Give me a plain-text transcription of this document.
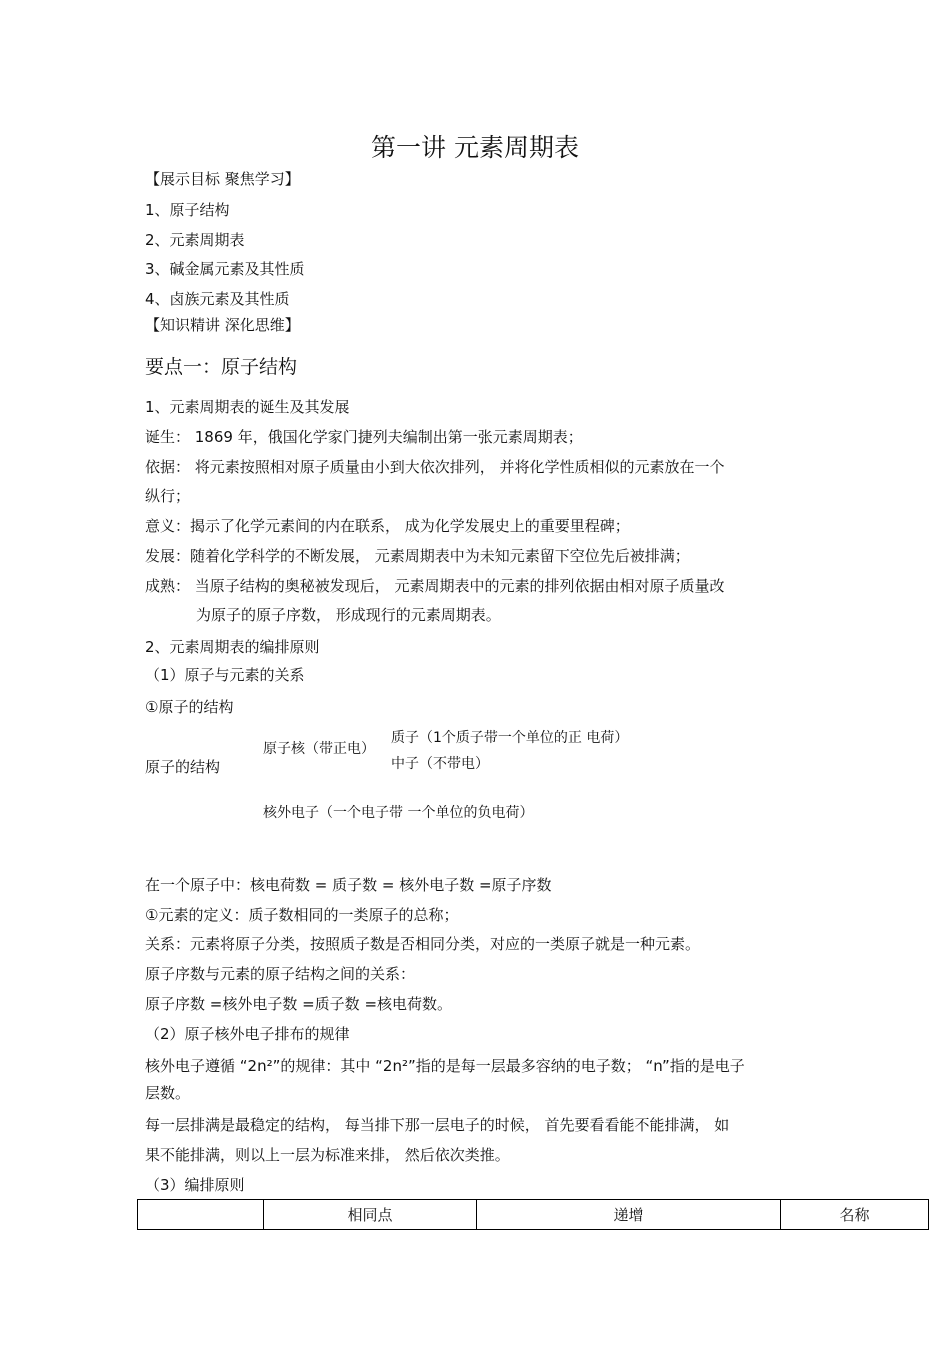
第一讲 元素周期表
【展示目标 聚焦学习】
1、原子结构
2、元素周期表
3、碱金属元素及其性质
4、卤族元素及其性质
【知识精讲 深化思维】
要点一：原子结构
1、元素周期表的诞生及其发展
诞生： 1869 年，俄国化学家门捷列夫编制出第一张元素周期表；
依据： 将元素按照相对原子质量由小到大依次排列， 并将化学性质相似的元素放在一个
纵行；
意义：揭示了化学元素间的内在联系， 成为化学发展史上的重要里程碑；
发展：随着化学科学的不断发展， 元素周期表中为未知元素留下空位先后被排满；
成熟： 当原子结构的奥秘被发现后， 元素周期表中的元素的排列依据由相对原子质量改
为原子的原子序数， 形成现行的元素周期表。
2、元素周期表的编排原则
（1）原子与元素的关系
①原子的结构
原子的结构
原子核（带正电）
质子（1个质子带一个单位的正 电荷）
中子（不带电）
核外电子（一个电子带 一个单位的负电荷）
在一个原子中：核电荷数 = 质子数 = 核外电子数 =原子序数
①元素的定义：质子数相同的一类原子的总称；
关系：元素将原子分类，按照质子数是否相同分类，对应的一类原子就是一种元素。
原子序数与元素的原子结构之间的关系：
原子序数 =核外电子数 =质子数 =核电荷数。
（2）原子核外电子排布的规律
核外电子遵循 “2n²”的规律：其中 “2n²”指的是每一层最多容纳的电子数； “n”指的是电子
层数。
每一层排满是最稳定的结构， 每当排下那一层电子的时候， 首先要看看能不能排满， 如
果不能排满，则以上一层为标准来排， 然后依次类推。
（3）编排原则
	相同点	递增	名称
